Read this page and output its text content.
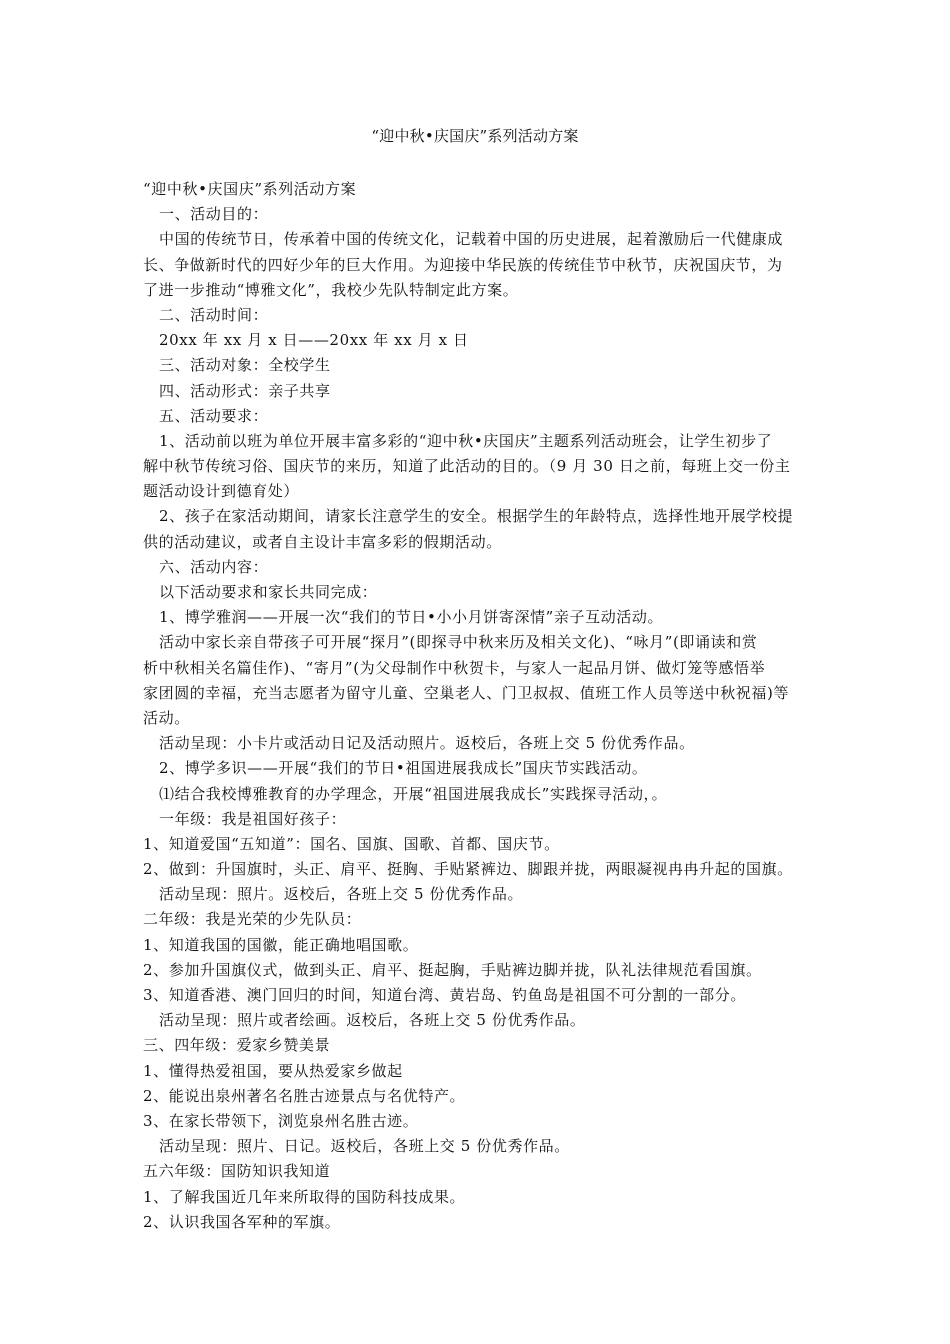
“迎中秋•庆国庆”系列活动方案

“迎中秋•庆国庆”系列活动方案

一、活动目的：

中国的传统节日，传承着中国的传统文化，记载着中国的历史进展，起着激励后一代健康成

长、争做新时代的四好少年的巨大作用。为迎接中华民族的传统佳节中秋节，庆祝国庆节，为

了进一步推动“博雅文化”，我校少先队特制定此方案。

二、活动时间：

20xx 年 xx 月 x 日——20xx 年 xx 月 x 日

三、活动对象：全校学生

四、活动形式：亲子共享

五、活动要求：

1、活动前以班为单位开展丰富多彩的“迎中秋•庆国庆”主题系列活动班会，让学生初步了

解中秋节传统习俗、国庆节的来历，知道了此活动的目的。（9 月 30 日之前，每班上交一份主

题活动设计到德育处）

2、孩子在家活动期间，请家长注意学生的安全。根据学生的年龄特点，选择性地开展学校提

供的活动建议，或者自主设计丰富多彩的假期活动。

六、活动内容：

以下活动要求和家长共同完成：

1、博学雅润——开展一次“我们的节日•小小月饼寄深情”亲子互动活动。

活动中家长亲自带孩子可开展“探月”(即探寻中秋来历及相关文化)、“咏月”(即诵读和赏

析中秋相关名篇佳作)、“寄月”(为父母制作中秋贺卡，与家人一起品月饼、做灯笼等感悟举

家团圆的幸福，充当志愿者为留守儿童、空巢老人、门卫叔叔、值班工作人员等送中秋祝福)等

活动。

活动呈现：小卡片或活动日记及活动照片。返校后，各班上交 5 份优秀作品。

2、博学多识——开展“我们的节日•祖国进展我成长”国庆节实践活动。

⑴结合我校博雅教育的办学理念，开展“祖国进展我成长”实践探寻活动，。

一年级：我是祖国好孩子：

1、知道爱国“五知道”：国名、国旗、国歌、首都、国庆节。

2、做到：升国旗时，头正、肩平、挺胸、手贴紧裤边、脚跟并拢，两眼凝视冉冉升起的国旗。

活动呈现：照片。返校后，各班上交 5 份优秀作品。

二年级：我是光荣的少先队员：

1、知道我国的国徽，能正确地唱国歌。

2、参加升国旗仪式，做到头正、肩平、挺起胸，手贴裤边脚并拢，队礼法律规范看国旗。

3、知道香港、澳门回归的时间，知道台湾、黄岩岛、钓鱼岛是祖国不可分割的一部分。

活动呈现：照片或者绘画。返校后，各班上交 5 份优秀作品。

三、四年级：爱家乡赞美景

1、懂得热爱祖国，要从热爱家乡做起

2、能说出泉州著名名胜古迹景点与名优特产。

3、在家长带领下，浏览泉州名胜古迹。

活动呈现：照片、日记。返校后，各班上交 5 份优秀作品。

五六年级：国防知识我知道

1、了解我国近几年来所取得的国防科技成果。

2、认识我国各军种的军旗。
